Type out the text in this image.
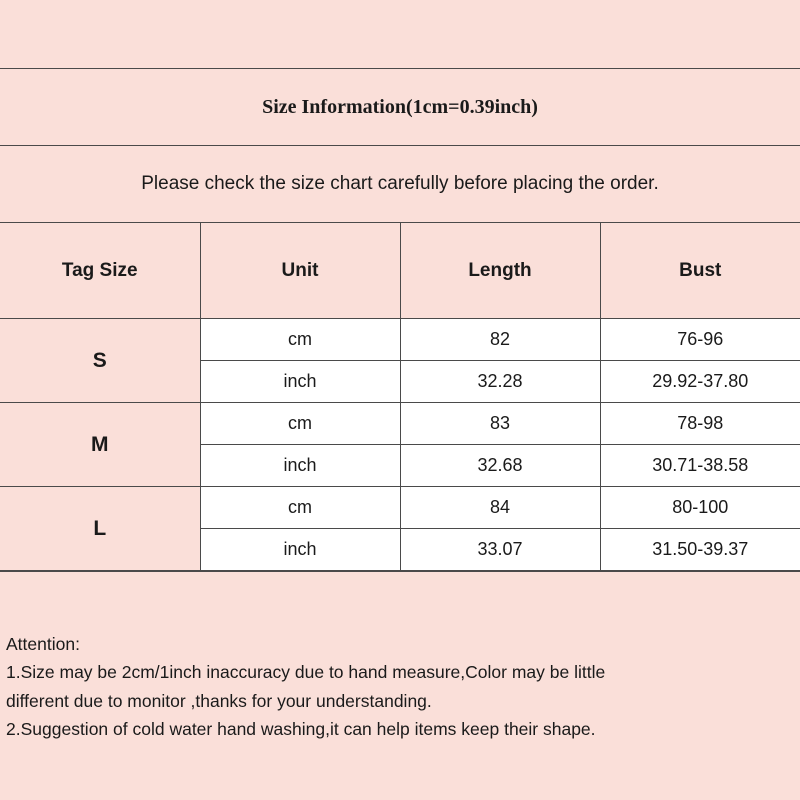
Size Information(1cm=0.39inch)			
Please check the size chart carefully before placing the order.			
Tag Size	Unit	Length	Bust
S	cm	82	76-96
	inch	32.28	29.92-37.80
M	cm	83	78-98
	inch	32.68	30.71-38.58
L	cm	84	80-100
	inch	33.07	31.50-39.37

Attention:

1.Size may be 2cm/1inch inaccuracy due to hand measure,Color may be little

different due to monitor ,thanks for your understanding.

2.Suggestion of cold water hand washing,it can help items keep their shape.
